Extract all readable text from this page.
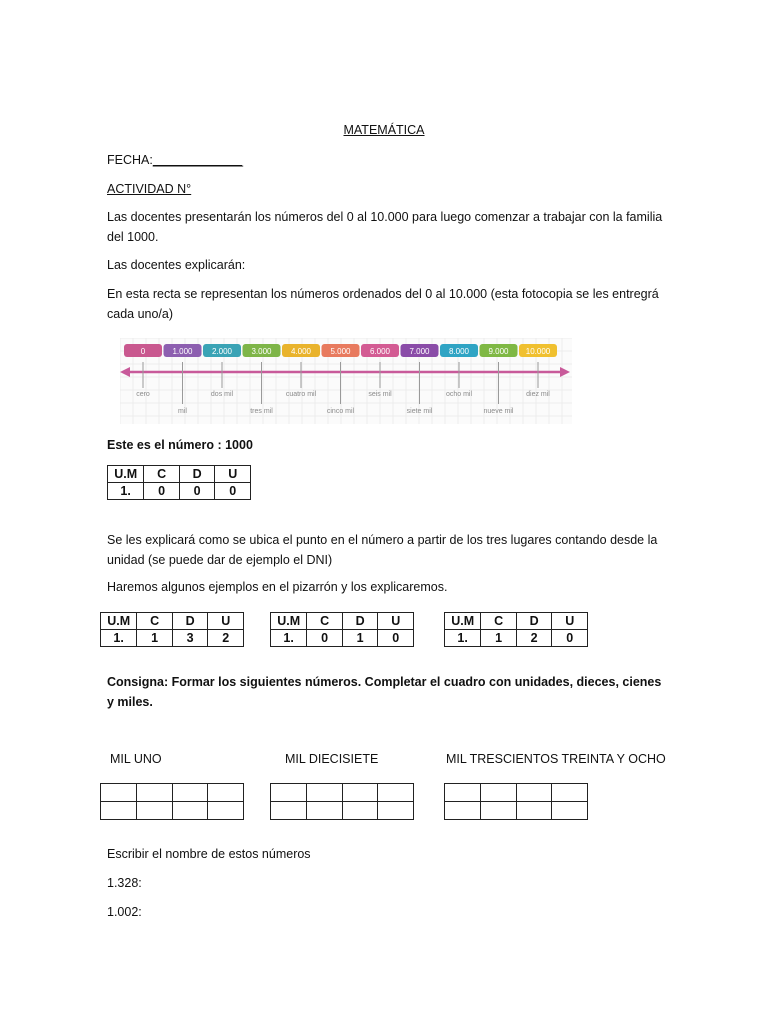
MATEMÁTICA
FECHA:_______________
ACTIVIDAD N°
Las docentes presentarán los números del 0 al 10.000 para luego comenzar a trabajar con la familia del 1000.
Las docentes explicarán:
En esta recta se representan los números ordenados del 0 al 10.000 (esta fotocopia se les entregrá cada uno/a)
0	1.000 2.000 3.000 4.000 5.000 6.000 7.000 8.000 9.000 10.000
cero
mil
dos mil
tres mil
cuatro mil
cinco mil
seis mil
siete mil
ocho mil
nueve mil
diez mil
Este es el número : 1000
U.M	C	D	U
1.	0	0	0
Se les explicará como se ubica el punto en el número a partir de los tres lugares contando desde la unidad (se puede dar de ejemplo el DNI)
Haremos algunos ejemplos en el pizarrón y los explicaremos.
U.M	C	D	U
1.	1	3	2
U.M	C	D	U
1.	0	1	0
U.M	C	D	U
1.	1	2	0
Consigna: Formar los siguientes números. Completar el cuadro con unidades, dieces, cienes y miles.
MIL UNO	MIL DIECISIETE	MIL TRESCIENTOS TREINTA Y OCHO

Escribir el nombre de estos números
1.328:
1.002:
